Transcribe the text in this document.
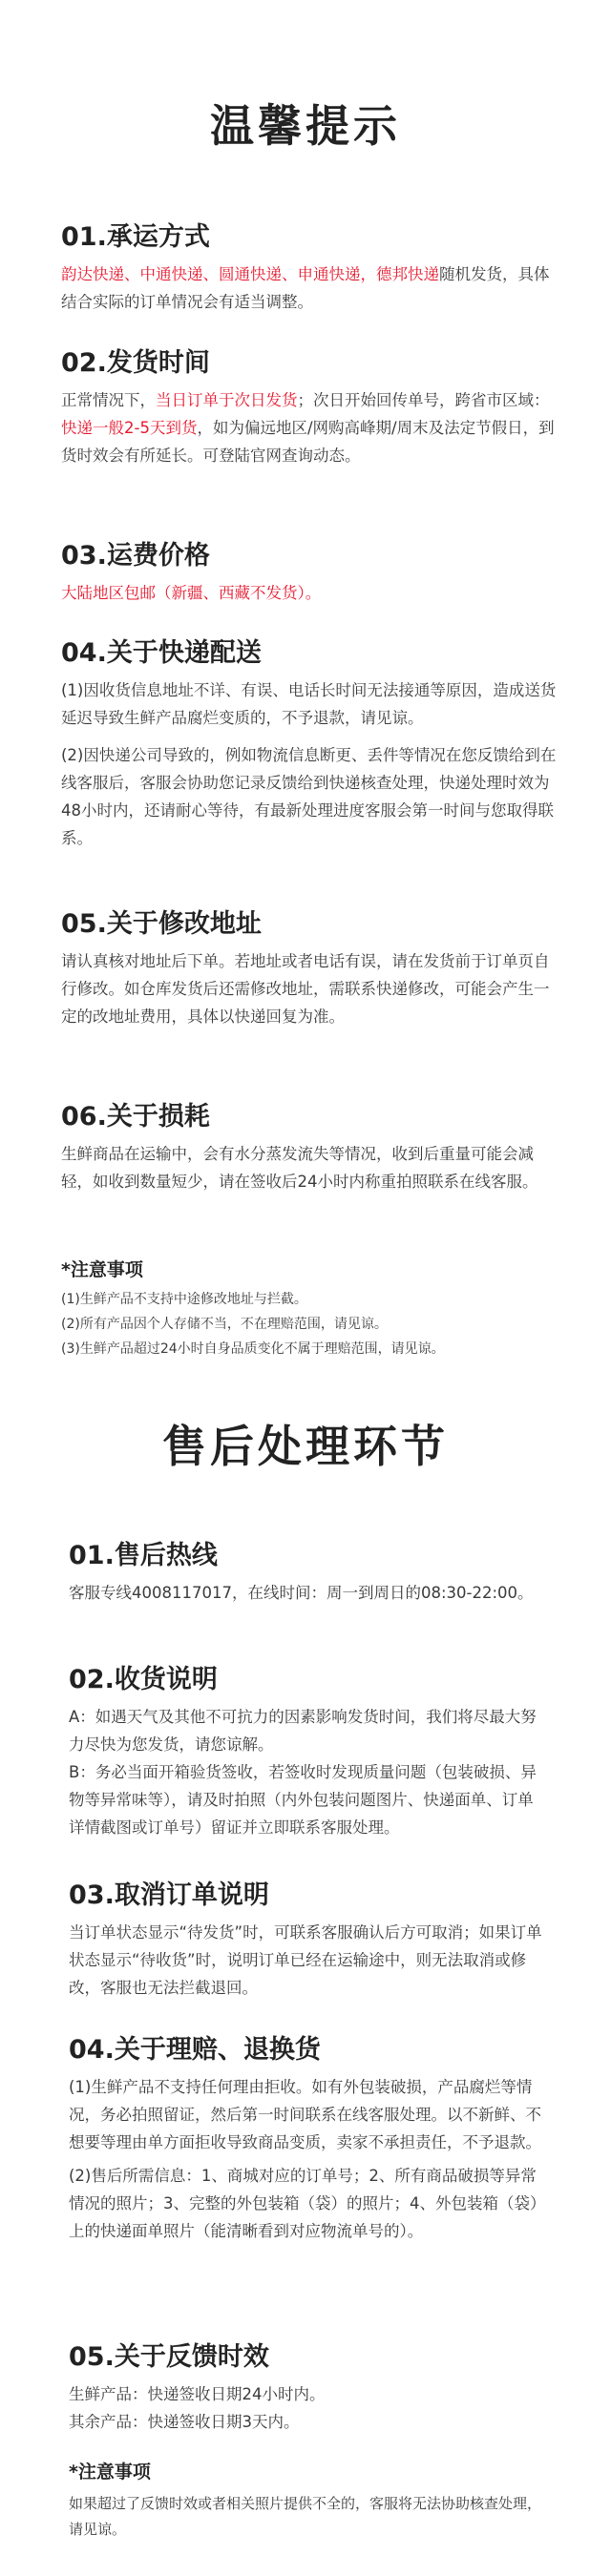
温馨提示
01.承运方式

韵达快递、中通快递、圆通快递、申通快递，德邦快递随机发货，具体结合实际的订单情况会有适当调整。

02.发货时间

正常情况下，当日订单于次日发货；次日开始回传单号，跨省市区域：快递一般2-5天到货，如为偏远地区/网购高峰期/周末及法定节假日，到货时效会有所延长。可登陆官网查询动态。

03.运费价格

大陆地区包邮（新疆、西藏不发货）。

04.关于快递配送

(1)因收货信息地址不详、有误、电话长时间无法接通等原因，造成送货延迟导致生鲜产品腐烂变质的，不予退款，请见谅。

(2)因快递公司导致的，例如物流信息断更、丢件等情况在您反馈给到在线客服后，客服会协助您记录反馈给到快递核查处理，快递处理时效为48小时内，还请耐心等待，有最新处理进度客服会第一时间与您取得联系。

05.关于修改地址

请认真核对地址后下单。若地址或者电话有误，请在发货前于订单页自行修改。如仓库发货后还需修改地址，需联系快递修改，可能会产生一定的改地址费用，具体以快递回复为准。

06.关于损耗

生鲜商品在运输中，会有水分蒸发流失等情况，收到后重量可能会减轻，如收到数量短少，请在签收后24小时内称重拍照联系在线客服。

*注意事项

(1)生鲜产品不支持中途修改地址与拦截。

(2)所有产品因个人存储不当，不在理赔范围，请见谅。

(3)生鲜产品超过24小时自身品质变化不属于理赔范围，请见谅。

售后处理环节
01.售后热线

客服专线4008117017，在线时间：周一到周日的08:30-22:00。

02.收货说明

A：如遇天气及其他不可抗力的因素影响发货时间，我们将尽最大努力尽快为您发货，请您谅解。

B：务必当面开箱验货签收，若签收时发现质量问题（包装破损、异物等异常味等），请及时拍照（内外包装问题图片、快递面单、订单详情截图或订单号）留证并立即联系客服处理。

03.取消订单说明

当订单状态显示“待发货”时，可联系客服确认后方可取消；如果订单状态显示“待收货”时，说明订单已经在运输途中，则无法取消或修改，客服也无法拦截退回。

04.关于理赔、退换货

(1)生鲜产品不支持任何理由拒收。如有外包装破损，产品腐烂等情况，务必拍照留证，然后第一时间联系在线客服处理。以不新鲜、不想要等理由单方面拒收导致商品变质，卖家不承担责任，不予退款。

(2)售后所需信息：1、商城对应的订单号；2、所有商品破损等异常情况的照片；3、完整的外包装箱（袋）的照片；4、外包装箱（袋）上的快递面单照片（能清晰看到对应物流单号的）。

05.关于反馈时效

生鲜产品：快递签收日期24小时内。

其余产品：快递签收日期3天内。

*注意事项

如果超过了反馈时效或者相关照片提供不全的，客服将无法协助核查处理，请见谅。
